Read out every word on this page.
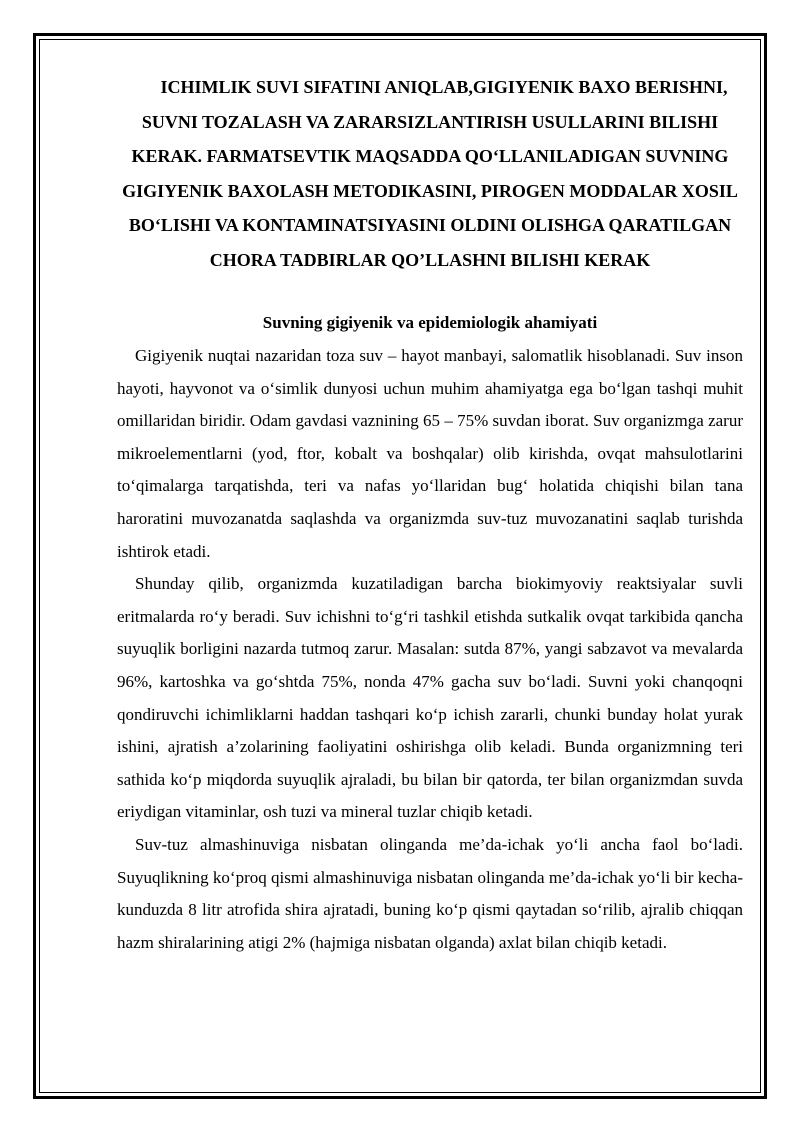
ICHIMLIK SUVI SIFATINI ANIQLAB,GIGIYENIK BAXO BERISHNI, SUVNI TOZALASH VA ZARARSIZLANTIRISH USULLARINI BILISHI KERAK. FARMATSEVTIK MAQSADDA QO‘LLANILADIGAN SUVNING GIGIYENIK BAXOLASH METODIKASINI, PIROGEN MODDALAR XOSIL BO‘LISHI VA KONTAMINATSIYASINI OLDINI OLISHGA QARATILGAN CHORA TADBIRLAR QO’LLASHNI BILISHI KERAK

Suvning gigiyenik va epidemiologik ahamiyati

Gigiyenik nuqtai nazaridan toza suv – hayot manbayi, salomatlik hisoblanadi. Suv inson hayoti, hayvonot va o‘simlik dunyosi uchun muhim ahamiyatga ega bo‘lgan tashqi muhit omillaridan biridir. Odam gavdasi vaznining 65 – 75% suvdan iborat. Suv organizmga zarur mikroelementlarni (yod, ftor, kobalt va boshqalar) olib kirishda, ovqat mahsulotlarini to‘qimalarga tarqatishda, teri va nafas yo‘llaridan bug‘ holatida chiqishi bilan tana haroratini muvozanatda saqlashda va organizmda suv-tuz muvozanatini saqlab turishda ishtirok etadi.

Shunday qilib, organizmda kuzatiladigan barcha biokimyoviy reaktsiyalar suvli eritmalarda ro‘y beradi. Suv ichishni to‘g‘ri tashkil etishda sutkalik ovqat tarkibida qancha suyuqlik borligini nazarda tutmoq zarur. Masalan: sutda 87%, yangi sabzavot va mevalarda 96%, kartoshka va go‘shtda 75%, nonda 47% gacha suv bo‘ladi. Suvni yoki chanqoqni qondiruvchi ichimliklarni haddan tashqari ko‘p ichish zararli, chunki bunday holat yurak ishini, ajratish a’zolarining faoliyatini oshirishga olib keladi. Bunda organizmning teri sathida ko‘p miqdorda suyuqlik ajraladi, bu bilan bir qatorda, ter bilan organizmdan suvda eriydigan vitaminlar, osh tuzi va mineral tuzlar chiqib ketadi.

Suv-tuz almashinuviga nisbatan olinganda me’da-ichak yo‘li ancha faol bo‘ladi. Suyuqlikning ko‘proq qismi almashinuviga nisbatan olinganda me’da-ichak yo‘li bir kecha-kunduzda 8 litr atrofida shira ajratadi, buning ko‘p qismi qaytadan so‘rilib, ajralib chiqqan hazm shiralarining atigi 2% (hajmiga nisbatan olganda) axlat bilan chiqib ketadi.
